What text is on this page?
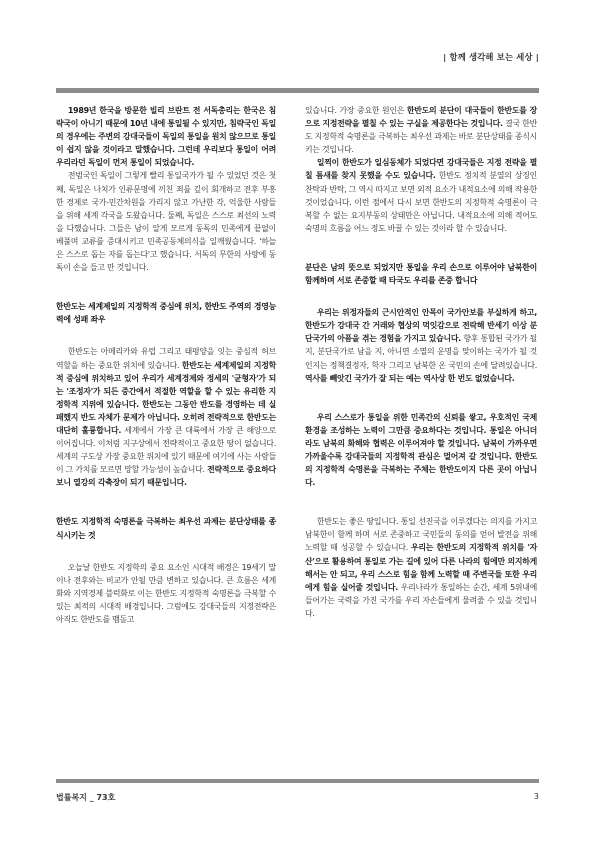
| 함께 생각해 보는 세상 |

1989년 한국을 방문한 빌리 브란트 전 서독총리는 한국은 침략국이 아니기 때문에 10년 내에 통일될 수 있지만, 침략국인 독일의 경우에는 주변의 강대국들이 독일의 통일을 원치 않으므로 통일이 쉽지 않을 것이라고 말했습니다. 그런데 우리보다 통일이 어려우리라던 독일이 먼저 통일이 되었습니다.

전범국인 독일이 그렇게 빨리 통일국가가 될 수 있었던 것은 첫째, 독일은 나치가 인류문명에 끼친 죄를 깊이 회개하고 전후 부흥한 경제로 국가-민간차원을 가리지 않고 가난한 각, 억울한 사람들을 위해 세계 각국을 도왔습니다. 둘째, 독일은 스스로 최선의 노력을 다했습니다. 그들은 남이 알게 모르게 동독의 민족에게 끝없이 베풀며 교류를 증대시키고 민족공동체의식을 일깨웠습니다. '하늘은 스스로 돕는 자를 돕는다'고 했습니다. 서독의 무한의 사랑에 동독이 손을 들고 만 것입니다.

한반도는 세계제일의 지정학적 중심에 위치, 한반도 주역의 경영능력에 성패 좌우

한반도는 아메리카와 유럽 그리고 태평양을 잇는 중심적 허브 역할을 하는 중요한 위치에 있습니다. 한반도는 세계제일의 지정학적 중심에 위치하고 있어 우리가 세계경제와 정세의 '균형자'가 되는 '조정자'가 되든 중간에서 적절한 역할을 할 수 있는 유리한 지정학적 지위에 있습니다. 한반도는 그동안 반도를 경영하는 데 실패했지 반도 자체가 문제가 아닙니다. 오히려 전략적으로 한반도는 대단히 훌륭합니다. 세계에서 가장 큰 대륙에서 가장 큰 해양으로 이어집니다. 이처럼 지구상에서 전략적이고 중요한 땅이 없습니다. 세계의 구도상 가장 중요한 위치에 있기 때문에 여기에 사는 사람들이 그 가치를 모르면 망할 가능성이 높습니다. 전략적으로 중요하다보니 열강의 각축장이 되기 때문입니다.

한반도 지정학적 숙명론을 극복하는 최우선 과제는 분단상태를 종식시키는 것

오늘날 한반도 지정학의 중요 요소인 시대적 배경은 19세기 말이나 전후와는 비교가 안될 만큼 변하고 있습니다. 큰 흐름은 세계화와 지역경제 블럭화로 이는 한반도 지정학적 숙명론을 극복할 수 있는 최적의 시대적 배경입니다. 그럼에도 강대국들의 지정전략은 아직도 한반도를 맴돌고

있습니다. 가장 중요한 원인은 한반도의 분단이 대국들이 한반도를 장으로 지정전략을 펼칠 수 있는 구실을 제공한다는 것입니다. 결국 한반도 지정학적 숙명론을 극복하는 최우선 과제는 바로 분단상태를 종식시키는 것입니다.

일찍이 한반도가 일심동체가 되었다면 강대국들은 지정 전략을 펼칠 틈새를 찾지 못했을 수도 있습니다. 한반도 정치적 분열의 상징인 찬탁과 반탁, 그 역시 따지고 보면 외적 요소가 내적요소에 의해 작용한 것이었습니다. 이런 점에서 다시 보면 한반도의 지정학적 숙명론이 극복할 수 없는 요지부동의 상태만은 아닙니다. 내적요소에 의해 적어도 숙명의 흐름을 어느 정도 바꿀 수 있는 것이라 할 수 있습니다.

분단은 남의 뜻으로 되었지만 통일을 우리 손으로 이루어야 남북한이 함께하며 서로 존중할 때 타국도 우리를 존중 합니다

우리는 위정자들의 근시안적인 안목이 국가안보를 부실하게 하고, 한반도가 강대국 간 거래와 협상의 먹잇감으로 전락해 반세기 이상 분단국가의 아픔을 겪는 경험을 가지고 있습니다. 향후 통합된 국가가 될지, 분단국가로 남을 지, 아니면 소멸의 운명을 맞이하는 국가가 될 것인지는 정책결정자, 학자 그리고 남북한 온 국민의 손에 달려있습니다. 역사를 빼앗긴 국가가 잘 되는 예는 역사상 한 번도 없었습니다.

우리 스스로가 통일을 위한 민족간의 신뢰를 쌓고, 우호적인 국제환경을 조성하는 노력이 그만큼 중요하다는 것입니다. 통일은 아니더라도 남북의 화해와 협력은 이루어져야 할 것입니다. 남북이 가까우면 가까울수록 강대국들의 지정학적 관심은 멀어져 갈 것입니다. 한반도의 지정학적 숙명론을 극복하는 주체는 한반도이지 다른 곳이 아닙니다.

한반도는 좋은 땅입니다. 통일 선진국을 이루겠다는 의지를 가지고 남북한이 함께 하며 서로 존중하고 국민들의 동의를 얻어 발전을 위해 노력할 때 성공할 수 있습니다. 우리는 한반도의 지정학적 위치를 '자산'으로 활용하여 통일로 가는 길에 있어 다른 나라의 힘에만 의지하게 해서는 안 되고, 우리 스스로 힘을 함께 노력할 때 주변국들 또한 우리에게 힘을 실어줄 것입니다. 우리나라가 통일하는 순간, 세계 5위내에 들어가는 국력을 가진 국가를 우리 자손들에게 물려줄 수 있을 것입니다.

법률복지 _ 73호	3
